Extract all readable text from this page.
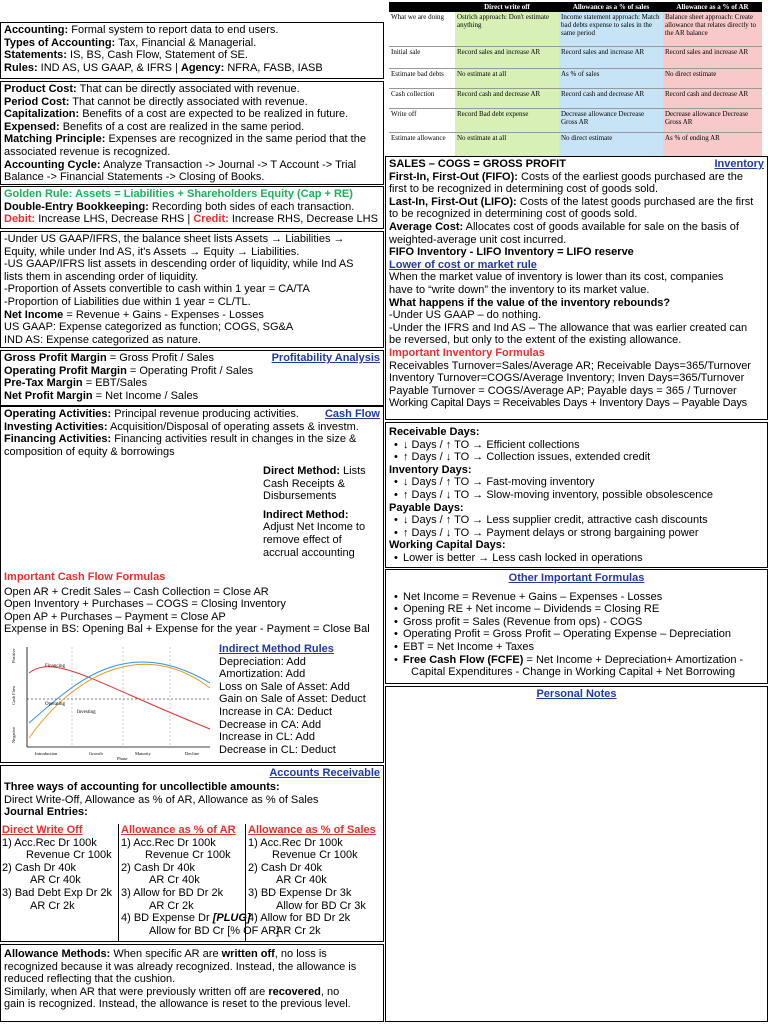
Accounting: Formal system to report data to end users.
Types of Accounting: Tax, Financial & Managerial.
Statements: IS, BS, Cash Flow, Statement of SE.
Rules: IND AS, US GAAP, & IFRS | Agency: NFRA, FASB, IASB
Product Cost: That can be directly associated with revenue.
Period Cost: That cannot be directly associated with revenue.
Capitalization: Benefits of a cost are expected to be realized in future.
Expensed: Benefits of a cost are realized in the same period.
Matching Principle: Expenses are recognized in the same period that the
associated revenue is recognized.
Accounting Cycle: Analyze Transaction -> Journal -> T Account -> Trial
Balance -> Financial Statements -> Closing of Books.
Golden Rule: Assets = Liabilities + Shareholders Equity (Cap + RE)
Double-Entry Bookkeeping: Recording both sides of each transaction.
Debit: Increase LHS, Decrease RHS | Credit: Increase RHS, Decrease LHS
-Under US GAAP/IFRS, the balance sheet lists Assets → Liabilities →
Equity, while under Ind AS, it's Assets → Equity → Liabilities.
-US GAAP/IFRS list assets in descending order of liquidity, while Ind AS
lists them in ascending order of liquidity.
-Proportion of Assets convertible to cash within 1 year = CA/TA
-Proportion of Liabilities due within 1 year = CL/TL.
Net Income = Revenue + Gains - Expenses - Losses
US GAAP: Expense categorized as function; COGS, SG&A
IND AS: Expense categorized as nature.
Profitability Analysis
Gross Profit Margin = Gross Profit / Sales
Operating Profit Margin = Operating Profit / Sales
Pre-Tax Margin = EBT/Sales
Net Profit Margin = Net Income / Sales
Cash Flow
Operating Activities: Principal revenue producing activities.
Investing Activities: Acquisition/Disposal of operating assets & investm.
Financing Activities: Financing activities result in changes in the size &
composition of equity & borrowings
Direct Method: Lists
Cash Receipts &
Disbursements
Indirect Method:
Adjust Net Income to
remove effect of
accrual accounting
Important Cash Flow Formulas
Open AR + Credit Sales – Cash Collection = Close AR
Open Inventory + Purchases – COGS = Closing Inventory
Open AP + Purchases – Payment = Close AP
Expense in BS: Opening Bal + Expense for the year - Payment = Close Bal
Indirect Method Rules
Depreciation: Add
Amortization: Add
Loss on Sale of Asset: Add
Gain on Sale of Asset: Deduct
Increase in CA: Deduct
Decrease in CA: Add
Increase in CL: Add
Decrease in CL: Deduct
Positive
Cash Flow
Negative
Financing
Operating
Investing
Introduction	Growth	Maturity	Decline
Phase
Accounts Receivable
Three ways of accounting for uncollectible amounts:
Direct Write-Off, Allowance as % of AR, Allowance as % of Sales
Journal Entries:
Direct Write Off
1) Acc.Rec Dr 100k
Revenue Cr 100k
2) Cash Dr 40k
AR Cr 40k
3) Bad Debt Exp Dr 2k
AR Cr 2k
Allowance as % of AR
1) Acc.Rec Dr 100k
Revenue Cr 100k
2) Cash Dr 40k
AR Cr 40k
3) Allow for BD Dr 2k
AR Cr 2k
4) BD Expense Dr [PLUG]
Allow for BD Cr [% OF AR]
Allowance as % of Sales
1) Acc.Rec Dr 100k
Revenue Cr 100k
2) Cash Dr 40k
AR Cr 40k
3) BD Expense Dr 3k
Allow for BD Cr 3k
4) Allow for BD Dr 2k
AR Cr 2k
Allowance Methods: When specific AR are written off, no loss is
recognized because it was already recognized. Instead, the allowance is
reduced reflecting that the cushion.
Similarly, when AR that were previously written off are recovered, no
gain is recognized. Instead, the allowance is reset to the previous level.
	Direct write off	Allowance as a % of sales	Allowance as a % of AR
What we are doing	Ostrich approach: Don't estimate anything	Income statement approach: Match bad debts expense to sales in the same period	Balance sheet approach: Create allowance that relates directly to the AR balance
Initial sale	Record sales and increase AR	Record sales and increase AR	Record sales and increase AR
Estimate bad debts	No estimate at all	As % of sales	No direct estimate
Cash collection	Record cash and decrease AR	Record cash and decrease AR	Record cash and decrease AR
Write off	Record Bad debt expense	Decrease allowance Decrease Gross AR	Decrease allowance Decrease Gross AR
Estimate allowance	No estimate at all	No direct estimate	As % of ending AR
Inventory
SALES – COGS = GROSS PROFIT
First-In, First-Out (FIFO): Costs of the earliest goods purchased are the
first to be recognized in determining cost of goods sold.
Last-In, First-Out (LIFO): Costs of the latest goods purchased are the first
to be recognized in determining cost of goods sold.
Average Cost: Allocates cost of goods available for sale on the basis of
weighted-average unit cost incurred.
FIFO Inventory - LIFO Inventory = LIFO reserve
Lower of cost or market rule
When the market value of inventory is lower than its cost, companies
have to “write down” the inventory to its market value.
What happens if the value of the inventory rebounds?
-Under US GAAP – do nothing.
-Under the IFRS and Ind AS – The allowance that was earlier created can
be reversed, but only to the extent of the existing allowance.
Important Inventory Formulas
Receivables Turnover=Sales/Average AR; Receivable Days=365/Turnover
Inventory Turnover=COGS/Average Inventory; Inven Days=365/Turnover
Payable Turnover = COGS/Average AP; Payable days = 365 / Turnover
Working Capital Days = Receivables Days + Inventory Days – Payable Days
Receivable Days:
• ↓ Days / ↑ TO → Efficient collections
• ↑ Days / ↓ TO → Collection issues, extended credit
Inventory Days:
• ↓ Days / ↑ TO → Fast-moving inventory
• ↑ Days / ↓ TO → Slow-moving inventory, possible obsolescence
Payable Days:
• ↓ Days / ↑ TO → Less supplier credit, attractive cash discounts
• ↑ Days / ↓ TO → Payment delays or strong bargaining power
Working Capital Days:
• Lower is better → Less cash locked in operations
Other Important Formulas
• Net Income = Revenue + Gains – Expenses - Losses
• Opening RE + Net income – Dividends = Closing RE
• Gross profit = Sales (Revenue from ops) - COGS
• Operating Profit = Gross Profit – Operating Expense – Depreciation
• EBT = Net Income + Taxes
• Free Cash Flow (FCFE) = Net Income + Depreciation+ Amortization -
Capital Expenditures - Change in Working Capital + Net Borrowing
Personal Notes
